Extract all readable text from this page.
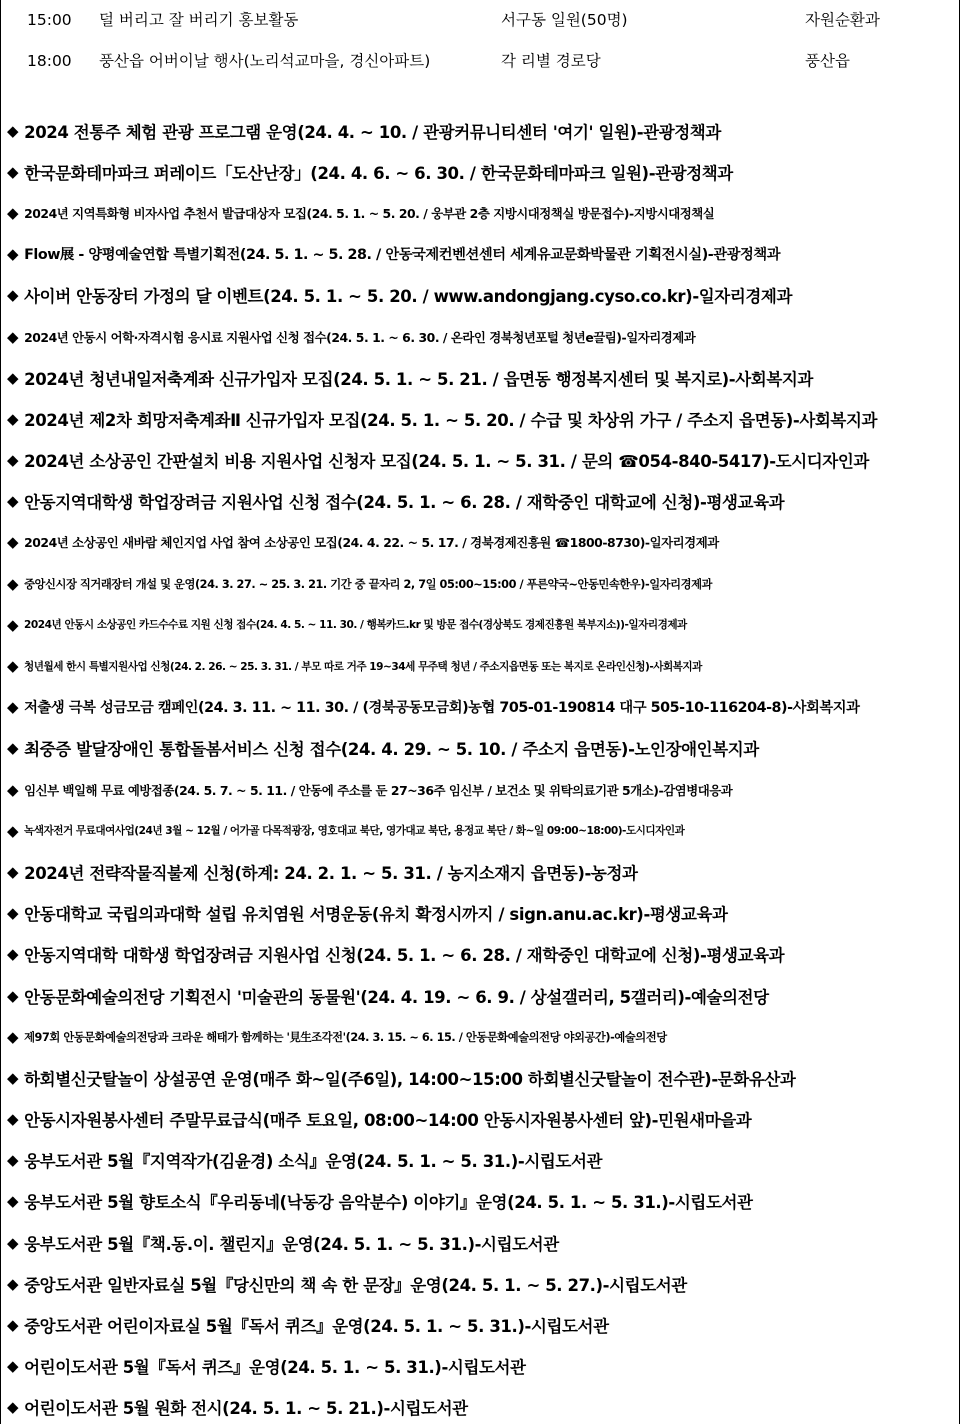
15:00 덜 버리고 잘 버리기 홍보활동	서구동 일원(50명)	자원순환과
18:00 풍산읍 어버이날 행사(노리석교마을, 경신아파트)	각 리별 경로당	풍산읍
◆ 2024 전통주 체험 관광 프로그램 운영(24. 4. ~ 10. / 관광커뮤니티센터 '여기' 일원)-관광정책과
◆ 한국문화테마파크 퍼레이드「도산난장」(24. 4. 6. ~ 6. 30. / 한국문화테마파크 일원)-관광정책과
◆ 2024년 지역특화형 비자사업 추천서 발급대상자 모집(24. 5. 1. ~ 5. 20. / 웅부관 2층 지방시대정책실 방문접수)-지방시대정책실
◆ Flow展 - 양평예술연합 특별기획전(24. 5. 1. ~ 5. 28. / 안동국제컨벤션센터 세계유교문화박물관 기획전시실)-관광정책과
◆ 사이버 안동장터 가정의 달 이벤트(24. 5. 1. ~ 5. 20. / www.andongjang.cyso.co.kr)-일자리경제과
◆ 2024년 안동시 어학·자격시험 응시료 지원사업 신청 접수(24. 5. 1. ~ 6. 30. / 온라인 경북청년포털 청년e끌림)-일자리경제과
◆ 2024년 청년내일저축계좌 신규가입자 모집(24. 5. 1. ~ 5. 21. / 읍면동 행정복지센터 및 복지로)-사회복지과
◆ 2024년 제2차 희망저축계좌Ⅱ 신규가입자 모집(24. 5. 1. ~ 5. 20. / 수급 및 차상위 가구 / 주소지 읍면동)-사회복지과
◆ 2024년 소상공인 간판설치 비용 지원사업 신청자 모집(24. 5. 1. ~ 5. 31. / 문의 ☎054-840-5417)-도시디자인과
◆ 안동지역대학생 학업장려금 지원사업 신청 접수(24. 5. 1. ~ 6. 28. / 재학중인 대학교에 신청)-평생교육과
◆ 2024년 소상공인 새바람 체인지업 사업 참여 소상공인 모집(24. 4. 22. ~ 5. 17. / 경북경제진흥원 ☎1800-8730)-일자리경제과
◆ 중앙신시장 직거래장터 개설 및 운영(24. 3. 27. ~ 25. 3. 21. 기간 중 끝자리 2, 7일 05:00~15:00 / 푸른약국~안동민속한우)-일자리경제과
◆ 2024년 안동시 소상공인 카드수수료 지원 신청 접수(24. 4. 5. ~ 11. 30. / 행복카드.kr 및 방문 접수(경상북도 경제진흥원 북부지소))-일자리경제과
◆ 청년월세 한시 특별지원사업 신청(24. 2. 26. ~ 25. 3. 31. / 부모 따로 거주 19~34세 무주택 청년 / 주소지읍면동 또는 복지로 온라인신청)-사회복지과
◆ 저출생 극복 성금모금 캠페인(24. 3. 11. ~ 11. 30. / (경북공동모금회)농협 705-01-190814 대구 505-10-116204-8)-사회복지과
◆ 최중증 발달장애인 통합돌봄서비스 신청 접수(24. 4. 29. ~ 5. 10. / 주소지 읍면동)-노인장애인복지과
◆ 임신부 백일해 무료 예방접종(24. 5. 7. ~ 5. 11. / 안동에 주소를 둔 27~36주 임신부 / 보건소 및 위탁의료기관 5개소)-감염병대응과
◆ 녹색자전거 무료대여사업(24년 3월 ~ 12월 / 어가골 다목적광장, 영호대교 북단, 영가대교 북단, 용정교 북단 / 화~일 09:00~18:00)-도시디자인과
◆ 2024년 전략작물직불제 신청(하계: 24. 2. 1. ~ 5. 31. / 농지소재지 읍면동)-농정과
◆ 안동대학교 국립의과대학 설립 유치염원 서명운동(유치 확정시까지 / sign.anu.ac.kr)-평생교육과
◆ 안동지역대학 대학생 학업장려금 지원사업 신청(24. 5. 1. ~ 6. 28. / 재학중인 대학교에 신청)-평생교육과
◆ 안동문화예술의전당 기획전시 '미술관의 동물원'(24. 4. 19. ~ 6. 9. / 상설갤러리, 5갤러리)-예술의전당
◆ 제97회 안동문화예술의전당과 크라운 해태가 함께하는 '見生조각전'(24. 3. 15. ~ 6. 15. / 안동문화예술의전당 야외공간)-예술의전당
◆ 하회별신굿탈놀이 상설공연 운영(매주 화~일(주6일), 14:00~15:00 하회별신굿탈놀이 전수관)-문화유산과
◆ 안동시자원봉사센터 주말무료급식(매주 토요일, 08:00~14:00 안동시자원봉사센터 앞)-민원새마을과
◆ 웅부도서관 5월『지역작가(김윤경) 소식』운영(24. 5. 1. ~ 5. 31.)-시립도서관
◆ 웅부도서관 5월 향토소식『우리동네(낙동강 음악분수) 이야기』운영(24. 5. 1. ~ 5. 31.)-시립도서관
◆ 웅부도서관 5월『책.동.이. 챌린지』운영(24. 5. 1. ~ 5. 31.)-시립도서관
◆ 중앙도서관 일반자료실 5월『당신만의 책 속 한 문장』운영(24. 5. 1. ~ 5. 27.)-시립도서관
◆ 중앙도서관 어린이자료실 5월『독서 퀴즈』운영(24. 5. 1. ~ 5. 31.)-시립도서관
◆ 어린이도서관 5월『독서 퀴즈』운영(24. 5. 1. ~ 5. 31.)-시립도서관
◆ 어린이도서관 5월 원화 전시(24. 5. 1. ~ 5. 21.)-시립도서관
